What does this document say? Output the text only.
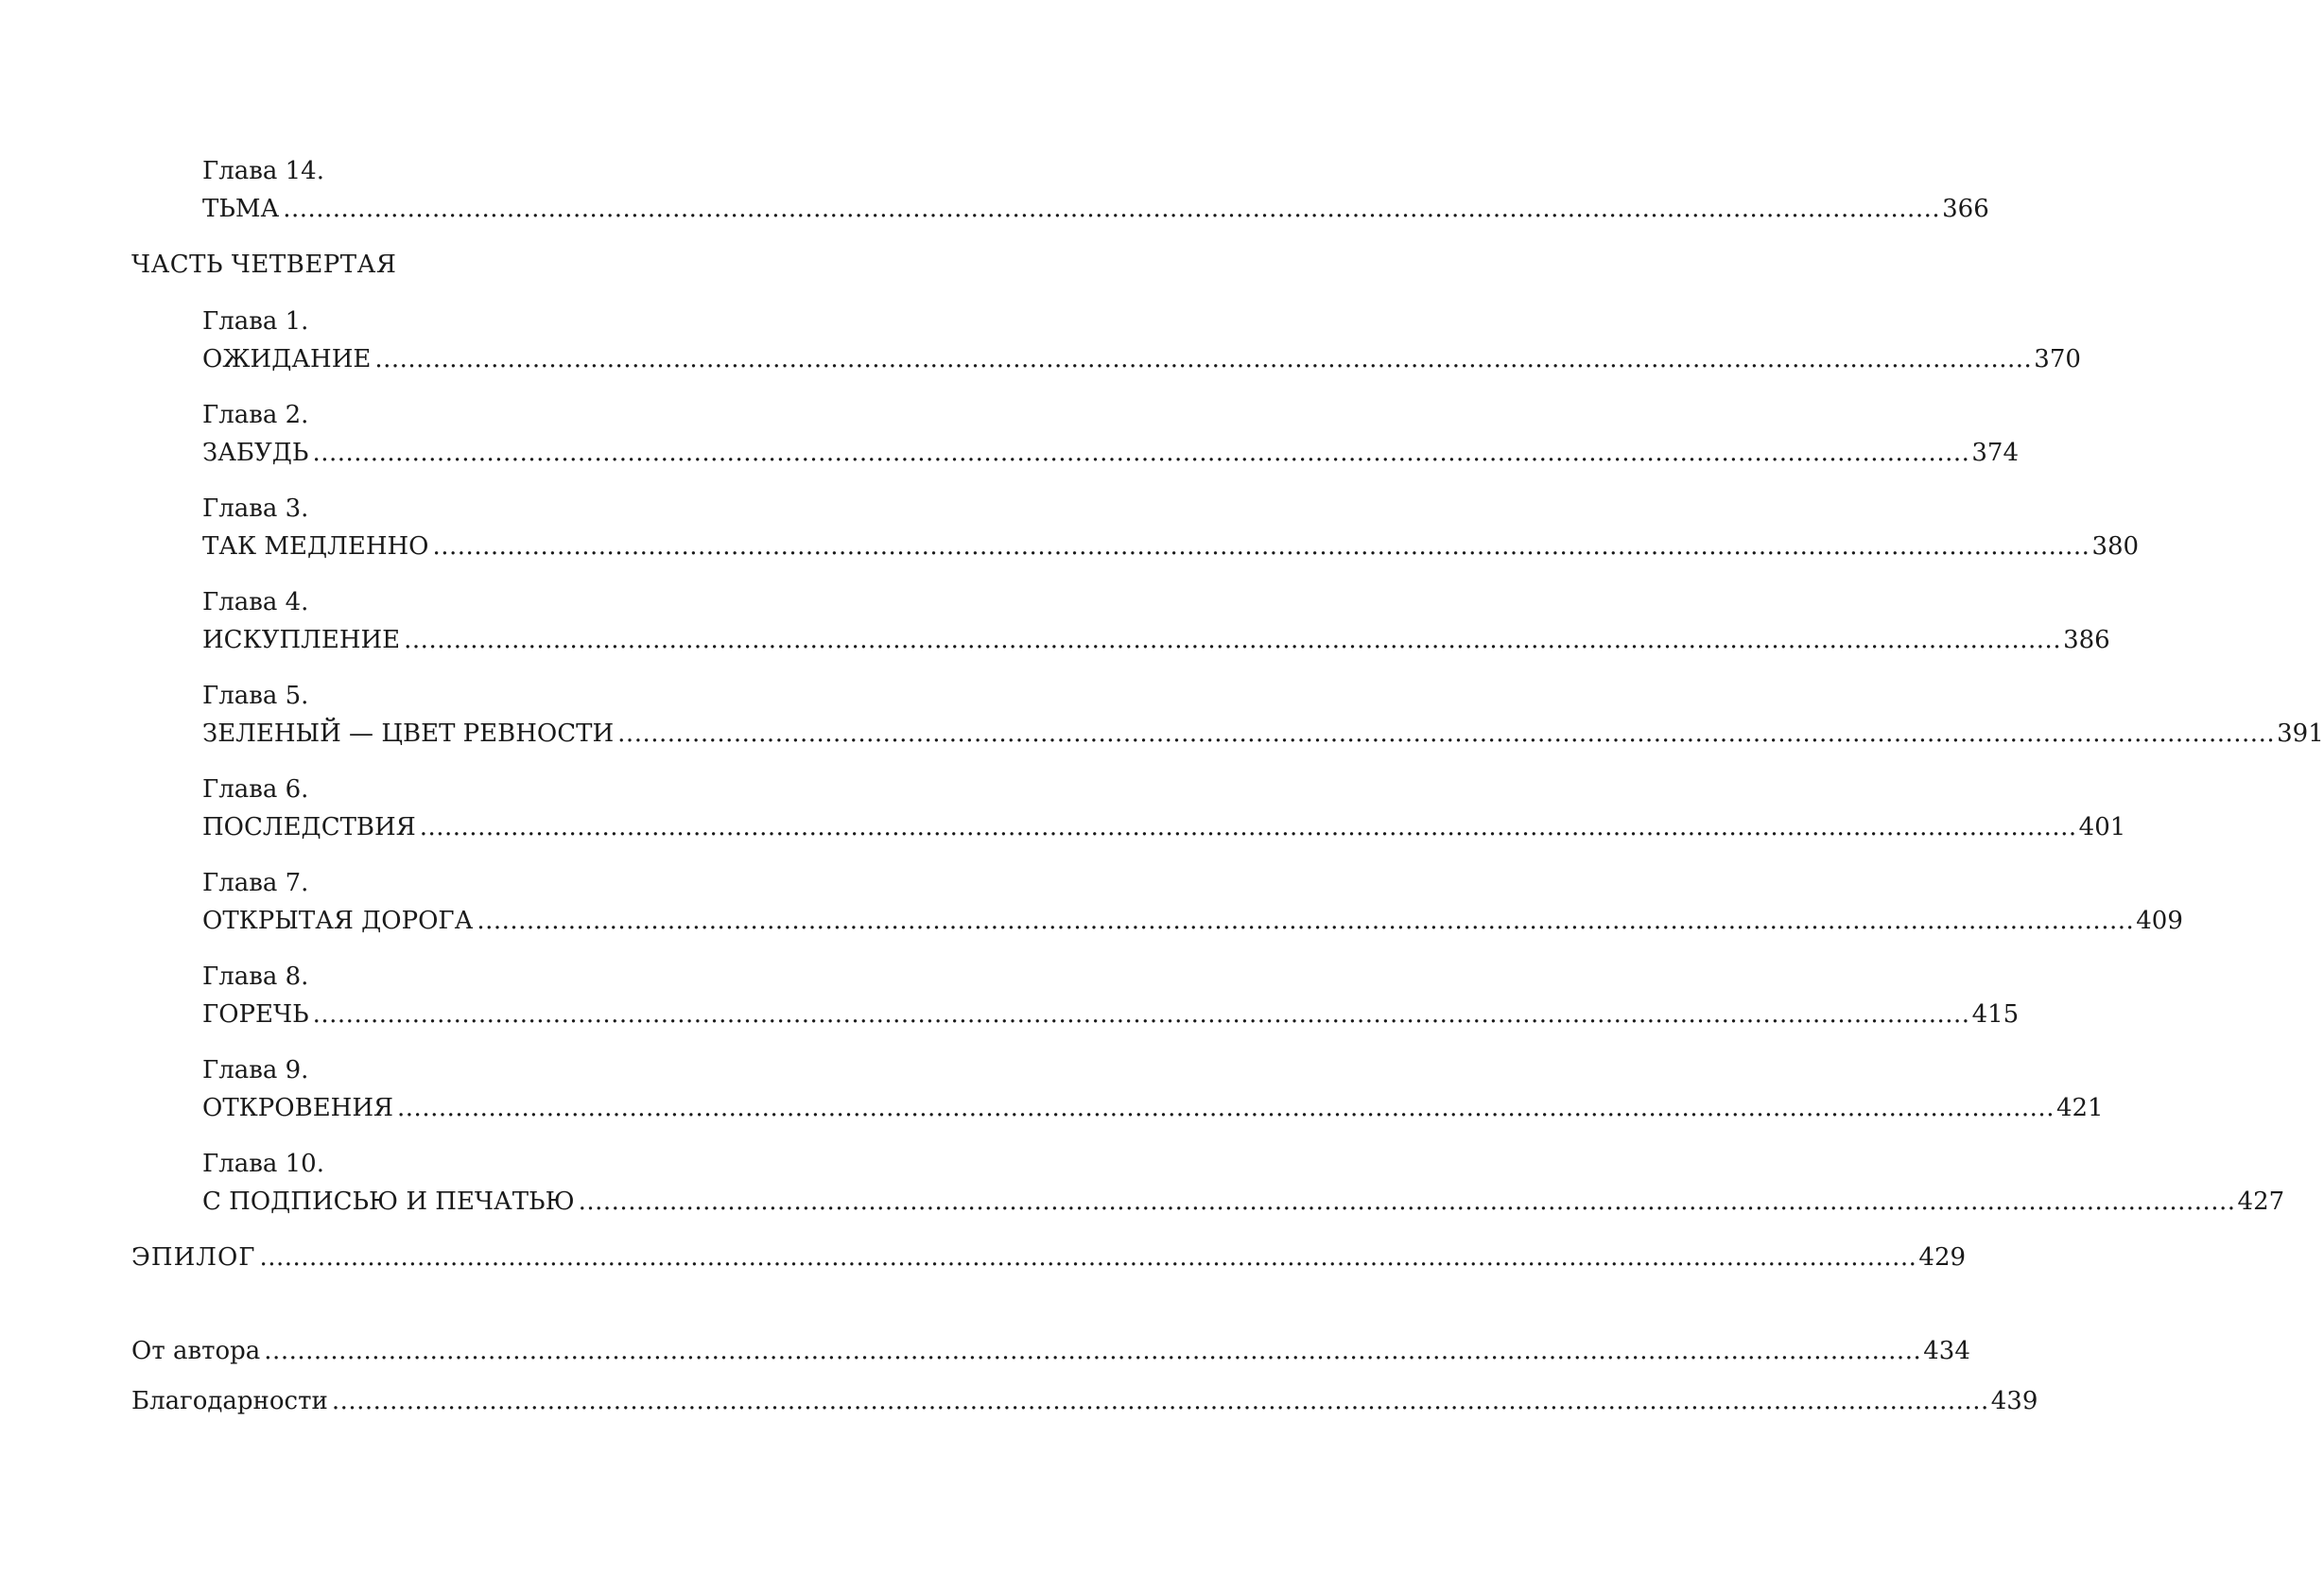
Глава 14.
ТЬМА ........................................................................................................................................................................................................ 366
ЧАСТЬ ЧЕТВЕРТАЯ
Глава 1.
ОЖИДАНИЕ ........................................................................................................................................................................................................ 370
Глава 2.
ЗАБУДЬ ........................................................................................................................................................................................................ 374
Глава 3.
ТАК МЕДЛЕННО ........................................................................................................................................................................................................ 380
Глава 4.
ИСКУПЛЕНИЕ ........................................................................................................................................................................................................ 386
Глава 5.
ЗЕЛЕНЫЙ — ЦВЕТ РЕВНОСТИ ........................................................................................................................................................................................................ 391
Глава 6.
ПОСЛЕДСТВИЯ ........................................................................................................................................................................................................ 401
Глава 7.
ОТКРЫТАЯ ДОРОГА ........................................................................................................................................................................................................ 409
Глава 8.
ГОРЕЧЬ ........................................................................................................................................................................................................ 415
Глава 9.
ОТКРОВЕНИЯ ........................................................................................................................................................................................................ 421
Глава 10.
С ПОДПИСЬЮ И ПЕЧАТЬЮ ........................................................................................................................................................................................................ 427
ЭПИЛОГ ........................................................................................................................................................................................................ 429
От автора ........................................................................................................................................................................................................ 434
Благодарности ........................................................................................................................................................................................................ 439
